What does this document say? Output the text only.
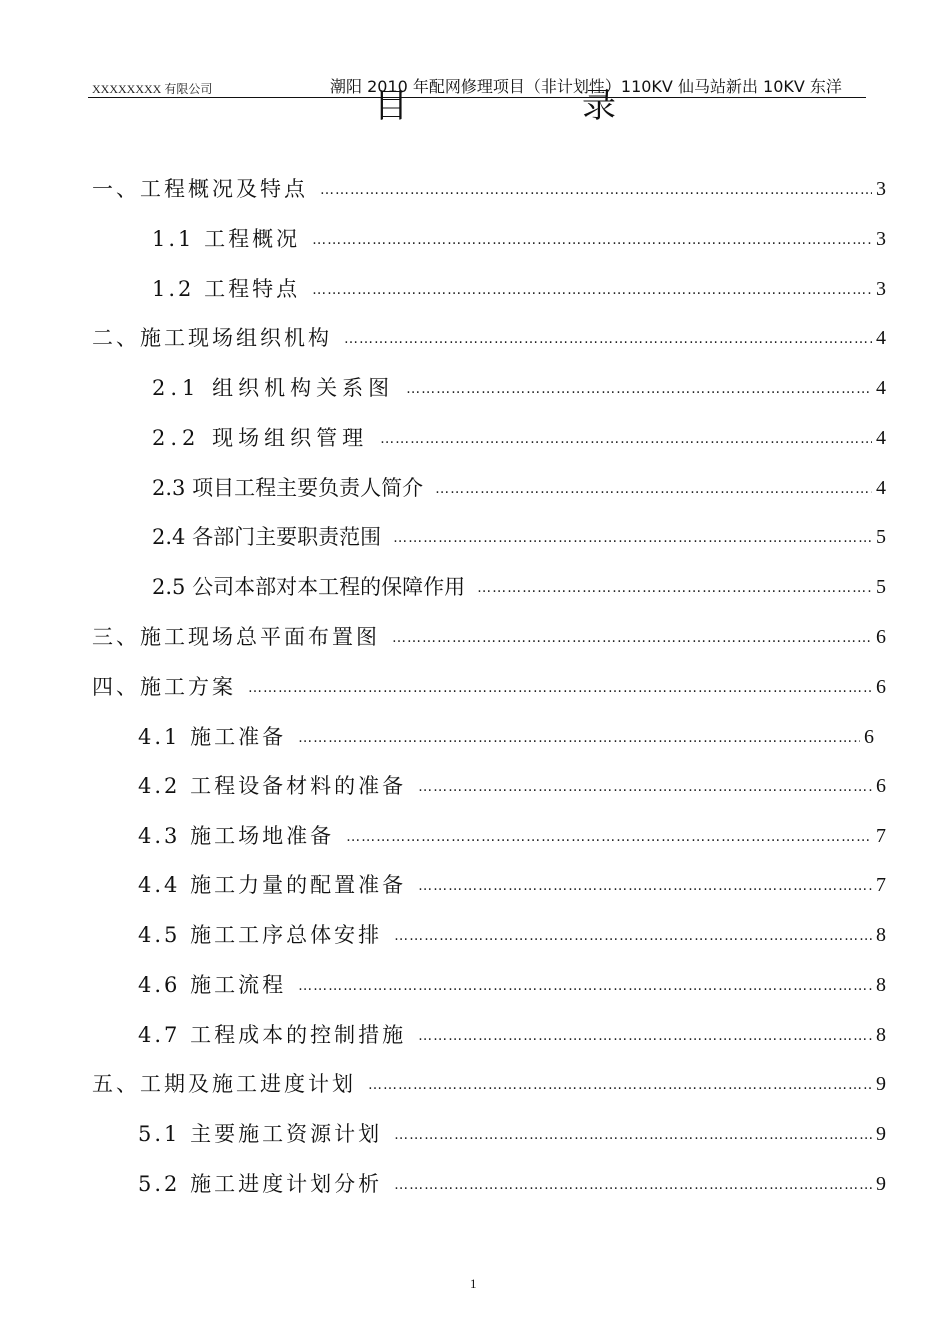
XXXXXXXX 有限公司	潮阳 2010 年配网修理项目（非计划性）110KV 仙马站新出 10KV 东洋
目	录
一、工程概况及特点 …………………………………………………………………………………………………………………………………………………………………………………………	3
1.1 工程概况 …………………………………………………………………………………………………………………………………………………………………………………………	3
1.2 工程特点 …………………………………………………………………………………………………………………………………………………………………………………………	3
二、施工现场组织机构 …………………………………………………………………………………………………………………………………………………………………………………………	4
2.1 组织机构关系图 …………………………………………………………………………………………………………………………………………………………………………………………	4
2.2 现场组织管理 …………………………………………………………………………………………………………………………………………………………………………………………	4
2.3 项目工程主要负责人简介 …………………………………………………………………………………………………………………………………………………………………………………………	4
2.4 各部门主要职责范围 …………………………………………………………………………………………………………………………………………………………………………………………	5
2.5 公司本部对本工程的保障作用 …………………………………………………………………………………………………………………………………………………………………………………………	5
三、施工现场总平面布置图 …………………………………………………………………………………………………………………………………………………………………………………………	6
四、施工方案 …………………………………………………………………………………………………………………………………………………………………………………………	6
4.1 施工准备 …………………………………………………………………………………………………………………………………………………………………………………………	6
4.2 工程设备材料的准备 …………………………………………………………………………………………………………………………………………………………………………………………	6
4.3 施工场地准备 …………………………………………………………………………………………………………………………………………………………………………………………	7
4.4 施工力量的配置准备 …………………………………………………………………………………………………………………………………………………………………………………………	7
4.5 施工工序总体安排 …………………………………………………………………………………………………………………………………………………………………………………………	8
4.6 施工流程 …………………………………………………………………………………………………………………………………………………………………………………………	8
4.7 工程成本的控制措施 …………………………………………………………………………………………………………………………………………………………………………………………	8
五、工期及施工进度计划 …………………………………………………………………………………………………………………………………………………………………………………………	9
5.1 主要施工资源计划 …………………………………………………………………………………………………………………………………………………………………………………………	9
5.2 施工进度计划分析 …………………………………………………………………………………………………………………………………………………………………………………………	9
1
